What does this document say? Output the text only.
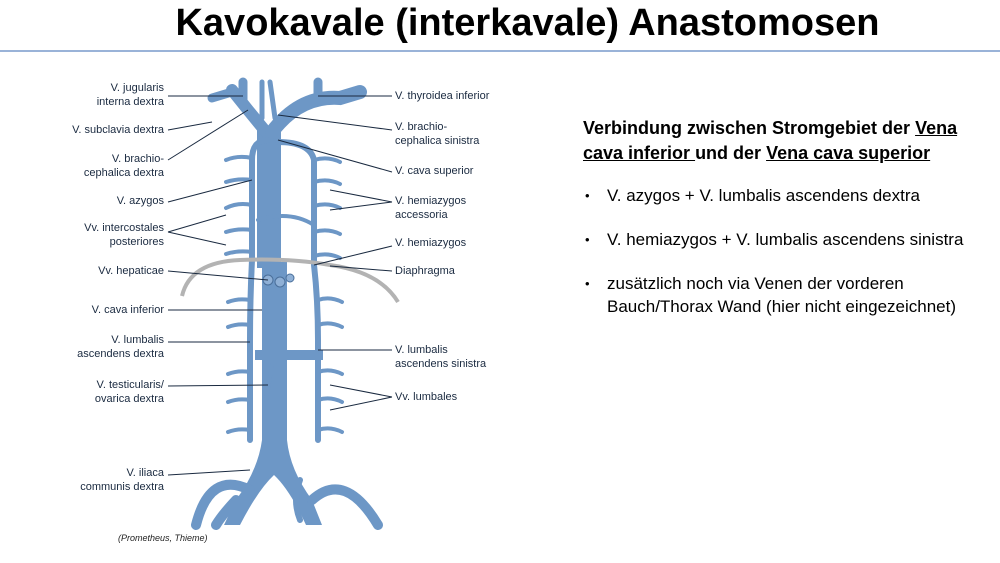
Kavokavale (interkavale) Anastomosen
V. jugularis
interna dextra
V. subclavia dextra
V. brachio-
cephalica dextra
V. azygos
Vv. intercostales
posteriores
Vv. hepaticae
V. cava inferior
V. lumbalis
ascendens dextra
V. testicularis/
ovarica dextra
V. iliaca
communis dextra
V. thyroidea inferior
V. brachio-
cephalica sinistra
V. cava superior
V. hemiazygos
accessoria
V. hemiazygos
Diaphragma
V. lumbalis
ascendens sinistra
Vv. lumbales
(Prometheus, Thieme)
Verbindung zwischen Stromgebiet der Vena cava inferior und der Vena cava superior
• V. azygos + V. lumbalis ascendens dextra
• V. hemiazygos + V. lumbalis ascendens sinistra
• zusätzlich noch via Venen der vorderen Bauch/Thorax Wand (hier nicht eingezeichnet)
